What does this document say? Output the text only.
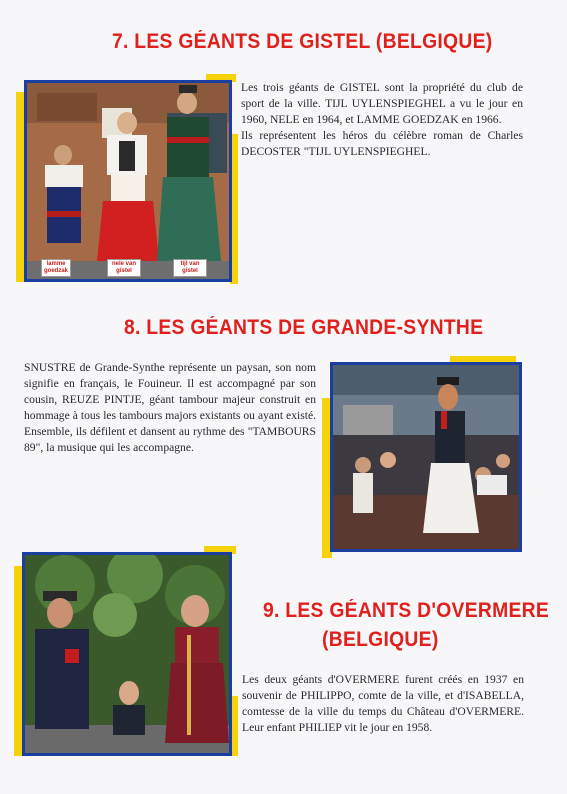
7. LES GÉANTS DE GISTEL (BELGIQUE)
lamme goedzak
nele van gistel
tijl van gistel
Les trois géants de GISTEL sont la propriété du club de sport de la ville. TIJL UYLENSPIEGHEL a vu le jour en 1960, NELE en 1964, et LAMME GOEDZAK en 1966.
Ils représentent les héros du célèbre roman de Charles DECOSTER "TIJL UYLENSPIEGHEL.
8. LES GÉANTS DE GRANDE-SYNTHE
SNUSTRE de Grande-Synthe représente un paysan, son nom signifie en français, le Fouineur. Il est accompagné par son cousin, REUZE PINTJE, géant tambour majeur construit en hommage à tous les tambours majors existants ou ayant existé. Ensemble, ils défilent et dansent au rythme des "TAMBOURS 89", la musique qui les accompagne.
9. LES GÉANTS D'OVERMERE
(BELGIQUE)
Les deux géants d'OVERMERE furent créés en 1937 en souvenir de PHILIPPO, comte de la ville, et d'ISABELLA, comtesse de la ville du temps du Château d'OVERMERE. Leur enfant PHILIEP vit le jour en 1958.
